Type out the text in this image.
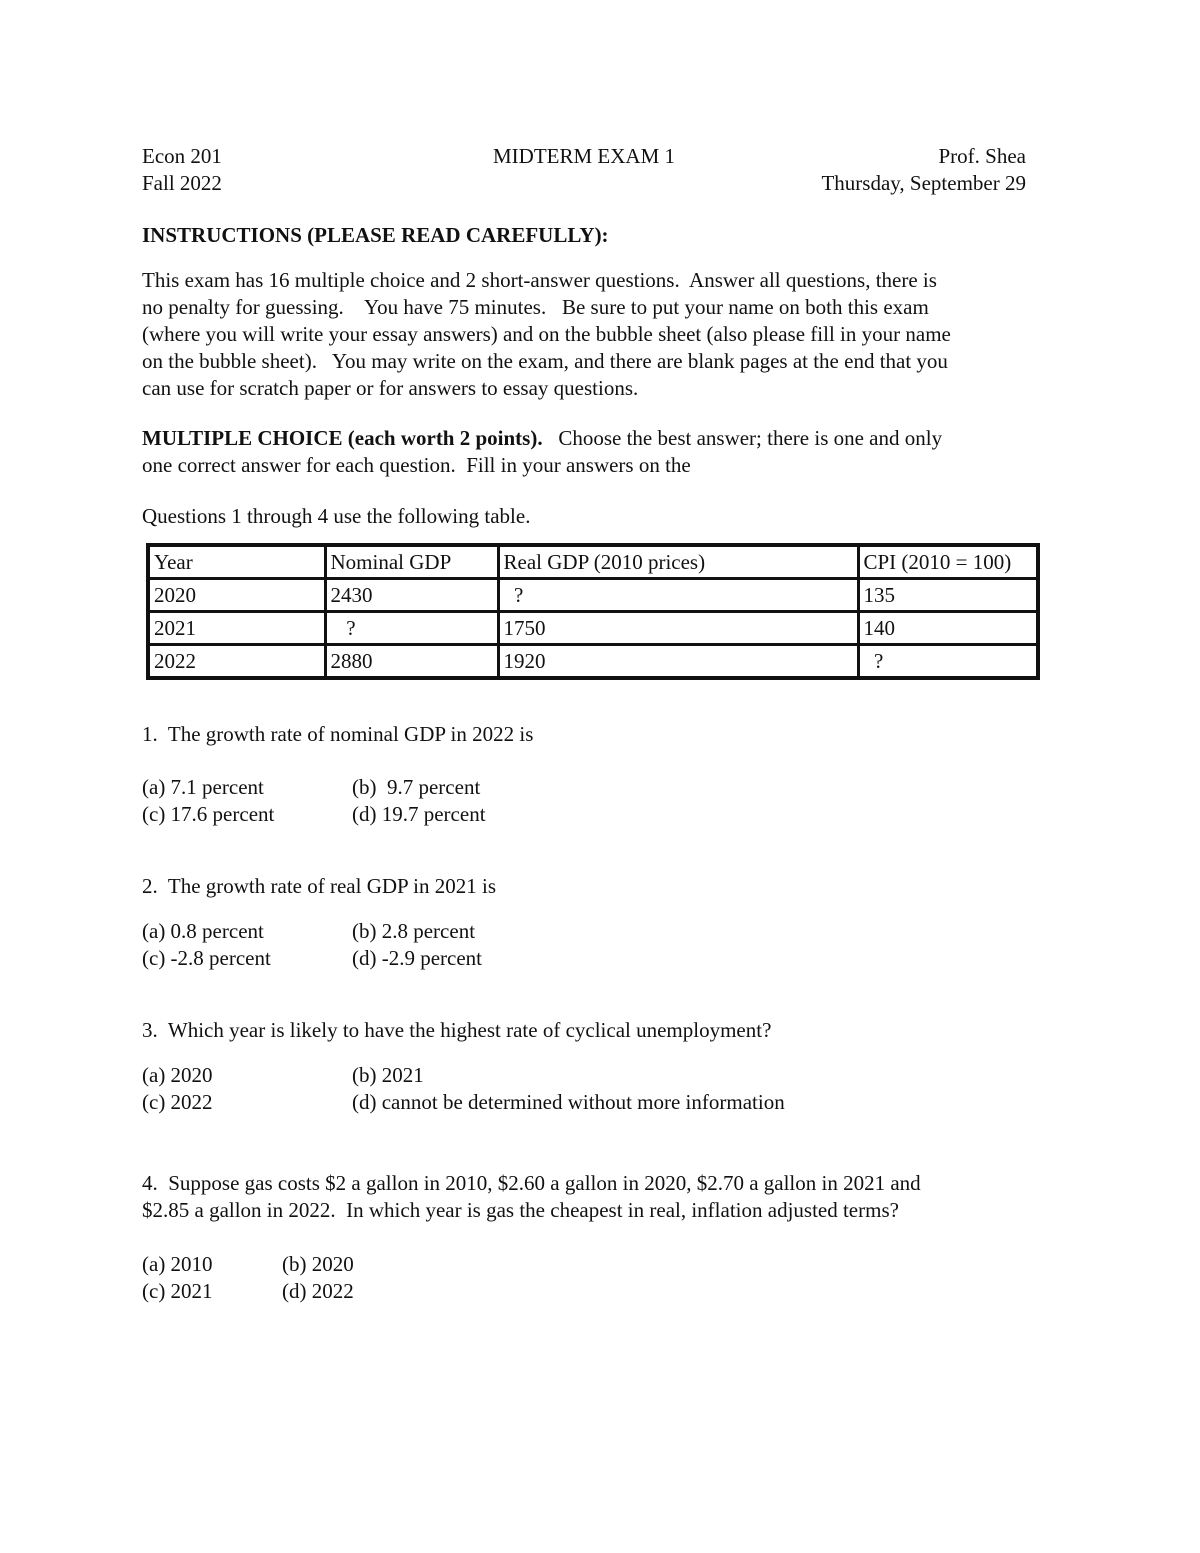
Econ 201
Fall 2022
MIDTERM EXAM 1	Prof. Shea
Thursday, September 29
INSTRUCTIONS (PLEASE READ CAREFULLY):
This exam has 16 multiple choice and 2 short-answer questions.  Answer all questions, there is
no penalty for guessing.    You have 75 minutes.   Be sure to put your name on both this exam
(where you will write your essay answers) and on the bubble sheet (also please fill in your name
on the bubble sheet).   You may write on the exam, and there are blank pages at the end that you
can use for scratch paper or for answers to essay questions.
MULTIPLE CHOICE (each worth 2 points).   Choose the best answer; there is one and only
one correct answer for each question.  Fill in your answers on the
Questions 1 through 4 use the following table.
Year	Nominal GDP	Real GDP (2010 prices)	CPI (2010 = 100)
2020	2430	?	135
2021	?	1750	140
2022	2880	1920	?
1.  The growth rate of nominal GDP in 2022 is
(a) 7.1 percent	(b)  9.7 percent
(c) 17.6 percent	(d) 19.7 percent
2.  The growth rate of real GDP in 2021 is
(a) 0.8 percent	(b) 2.8 percent
(c) -2.8 percent	(d) -2.9 percent
3.  Which year is likely to have the highest rate of cyclical unemployment?
(a) 2020	(b) 2021
(c) 2022	(d) cannot be determined without more information
4.  Suppose gas costs $2 a gallon in 2010, $2.60 a gallon in 2020, $2.70 a gallon in 2021 and
$2.85 a gallon in 2022.  In which year is gas the cheapest in real, inflation adjusted terms?
(a) 2010	(b) 2020
(c) 2021	(d) 2022
